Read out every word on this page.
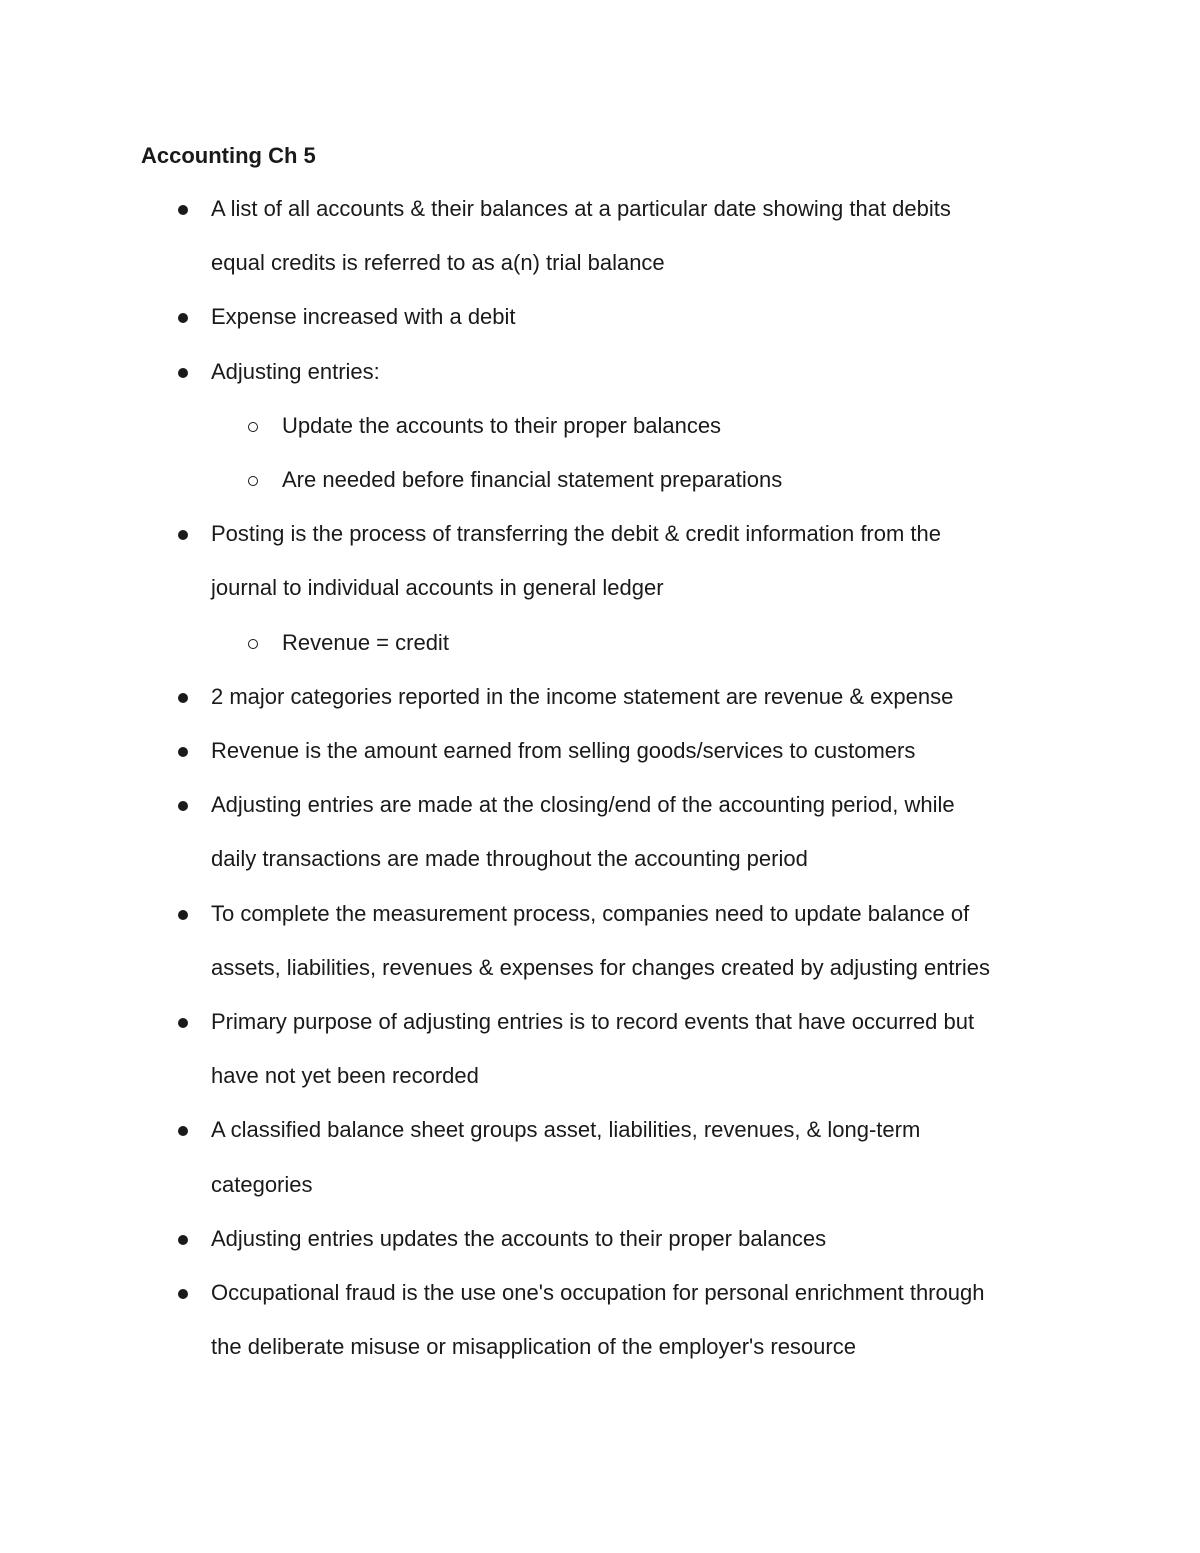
Accounting Ch 5
A list of all accounts & their balances at a particular date showing that debits
equal credits is referred to as a(n) trial balance
Expense increased with a debit
Adjusting entries:
Update the accounts to their proper balances
Are needed before financial statement preparations
Posting is the process of transferring the debit & credit information from the
journal to individual accounts in general ledger
Revenue = credit
2 major categories reported in the income statement are revenue & expense
Revenue is the amount earned from selling goods/services to customers
Adjusting entries are made at the closing/end of the accounting period, while
daily transactions are made throughout the accounting period
To complete the measurement process, companies need to update balance of
assets, liabilities, revenues & expenses for changes created by adjusting entries
Primary purpose of adjusting entries is to record events that have occurred but
have not yet been recorded
A classified balance sheet groups asset, liabilities, revenues, & long-term
categories
Adjusting entries updates the accounts to their proper balances
Occupational fraud is the use one's occupation for personal enrichment through
the deliberate misuse or misapplication of the employer's resource
